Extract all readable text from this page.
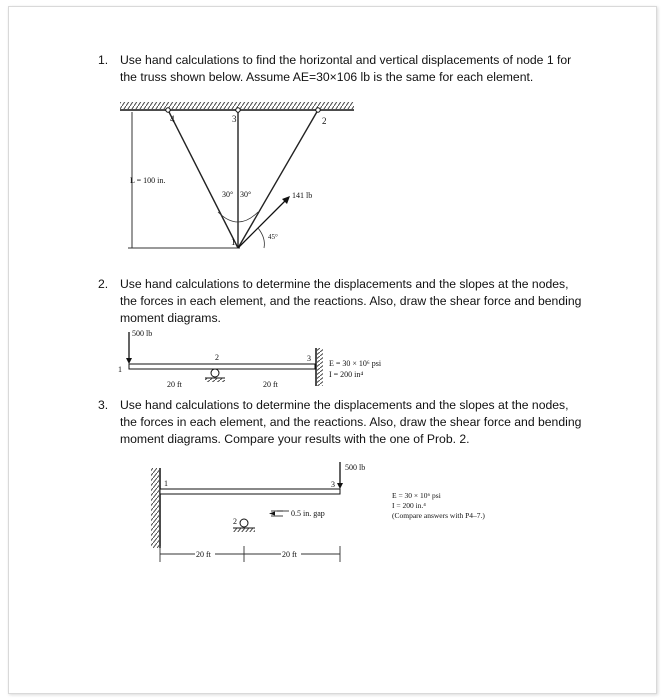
1. Use hand calculations to find the horizontal and vertical displacements of node 1 for the truss shown below. Assume AE=30×106 lb is the same for each element.
4	3	2
1
L = 100 in.
30° 30°	141 lb
45°
2. Use hand calculations to determine the displacements and the slopes at the nodes, the forces in each element, and the reactions. Also, draw the shear force and bending moment diagrams.
500 lb
1
2	3
20 ft	20 ft
E = 30 × 10⁶ psi
I = 200 in⁴
3. Use hand calculations to determine the displacements and the slopes at the nodes, the forces in each element, and the reactions. Also, draw the shear force and bending moment diagrams. Compare your results with the one of Prob. 2.
500 lb
0.5 in. gap
1
2
3
20 ft	20 ft
E = 30 × 10⁶ psi
I = 200 in.⁴
(Compare answers with P4–7.)
